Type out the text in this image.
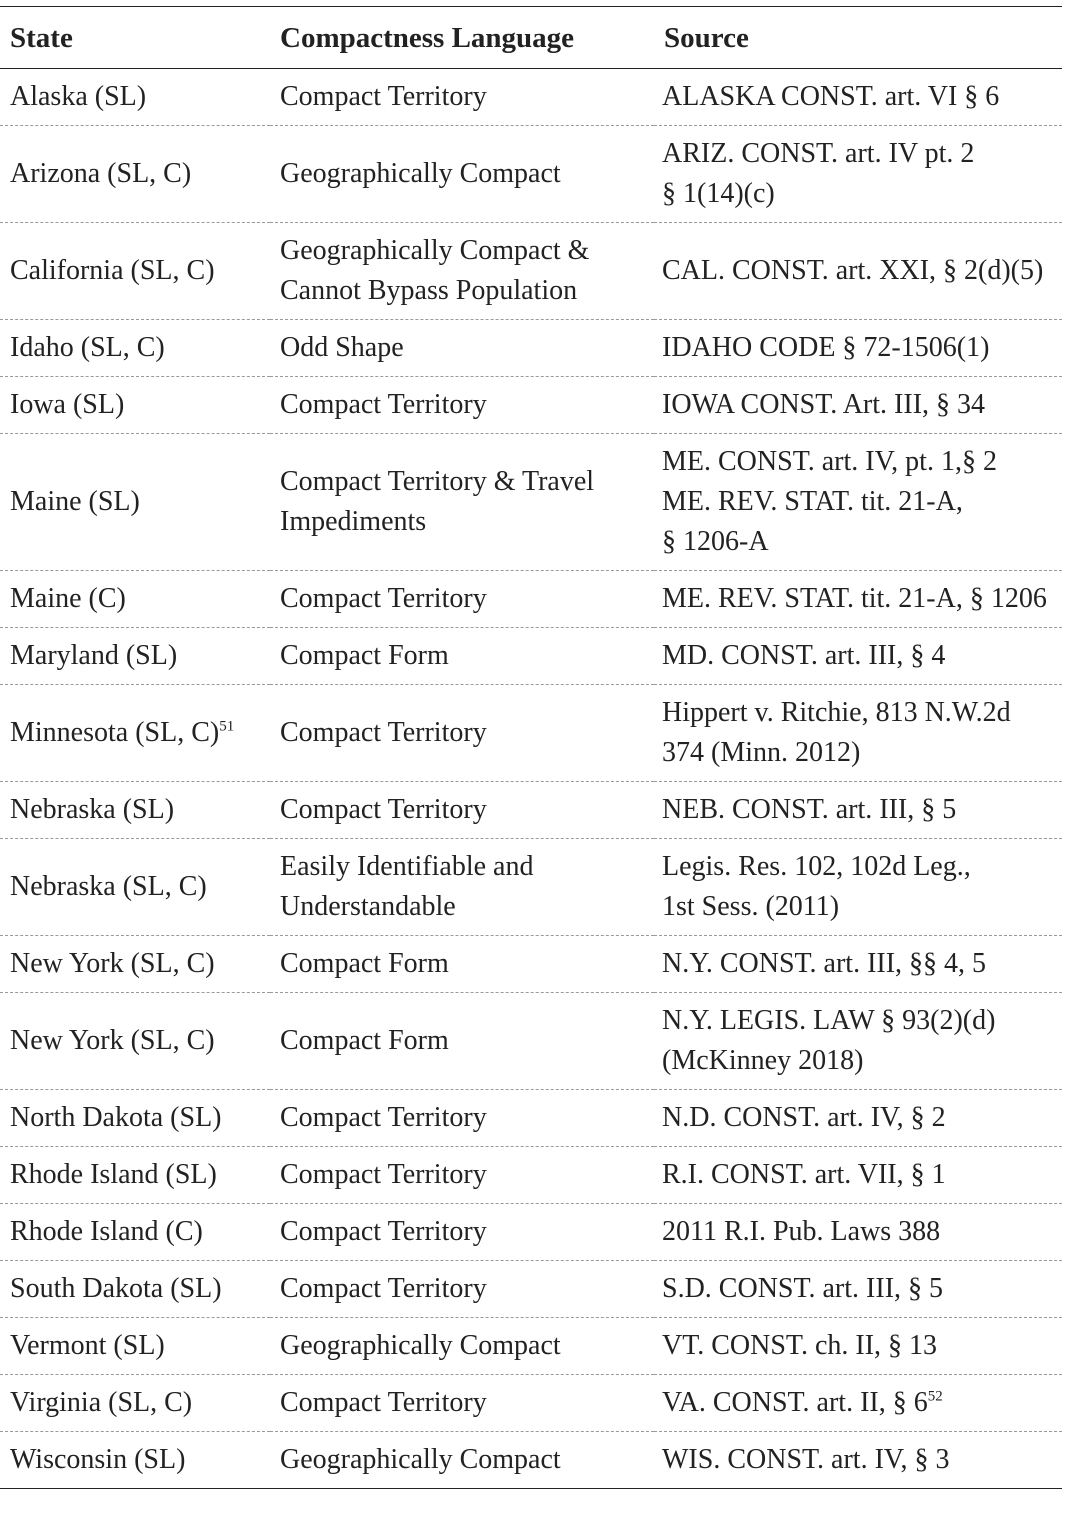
State	Compactness Language	Source
Alaska (SL)	Compact Territory	ALASKA CONST. art. VI § 6
Arizona (SL, C)	Geographically Compact	ARIZ. CONST. art. IV pt. 2
§ 1(14)(c)

California (SL, C)	Geographically Compact &
Cannot Bypass Population	CAL. CONST. art. XXI, § 2(d)(5)
Idaho (SL, C)	Odd Shape	IDAHO CODE § 72-1506(1)
Iowa (SL)	Compact Territory	IOWA CONST. Art. III, § 34
Maine (SL)	Compact Territory & Travel
Impediments	ME. CONST. art. IV, pt. 1,§ 2
ME. REV. STAT. tit. 21-A,
§ 1206-A

Maine (C)	Compact Territory	ME. REV. STAT. tit. 21-A, § 1206
Maryland (SL)	Compact Form	MD. CONST. art. III, § 4
Minnesota (SL, C)$^{51}$	Compact Territory	Hippert v. Ritchie, 813 N.W.2d
374 (Minn. 2012)

Nebraska (SL)	Compact Territory	NEB. CONST. art. III, § 5
Nebraska (SL, C)	Easily Identifiable and
Understandable	Legis. Res. 102, 102d Leg.,
1st Sess. (2011)

New York (SL, C)	Compact Form	N.Y. CONST. art. III, §§ 4, 5
New York (SL, C)	Compact Form	N.Y. LEGIS. LAW § 93(2)(d)
(McKinney 2018)

North Dakota (SL)	Compact Territory	N.D. CONST. art. IV, § 2
Rhode Island (SL)	Compact Territory	R.I. CONST. art. VII, § 1
Rhode Island (C)	Compact Territory	2011 R.I. Pub. Laws 388
South Dakota (SL)	Compact Territory	S.D. CONST. art. III, § 5
Vermont (SL)	Geographically Compact	VT. CONST. ch. II, § 13
Virginia (SL, C)	Compact Territory	VA. CONST. art. II, § $6^{52}$
Wisconsin (SL)	Geographically Compact	WIS. CONST. art. IV, § 3
